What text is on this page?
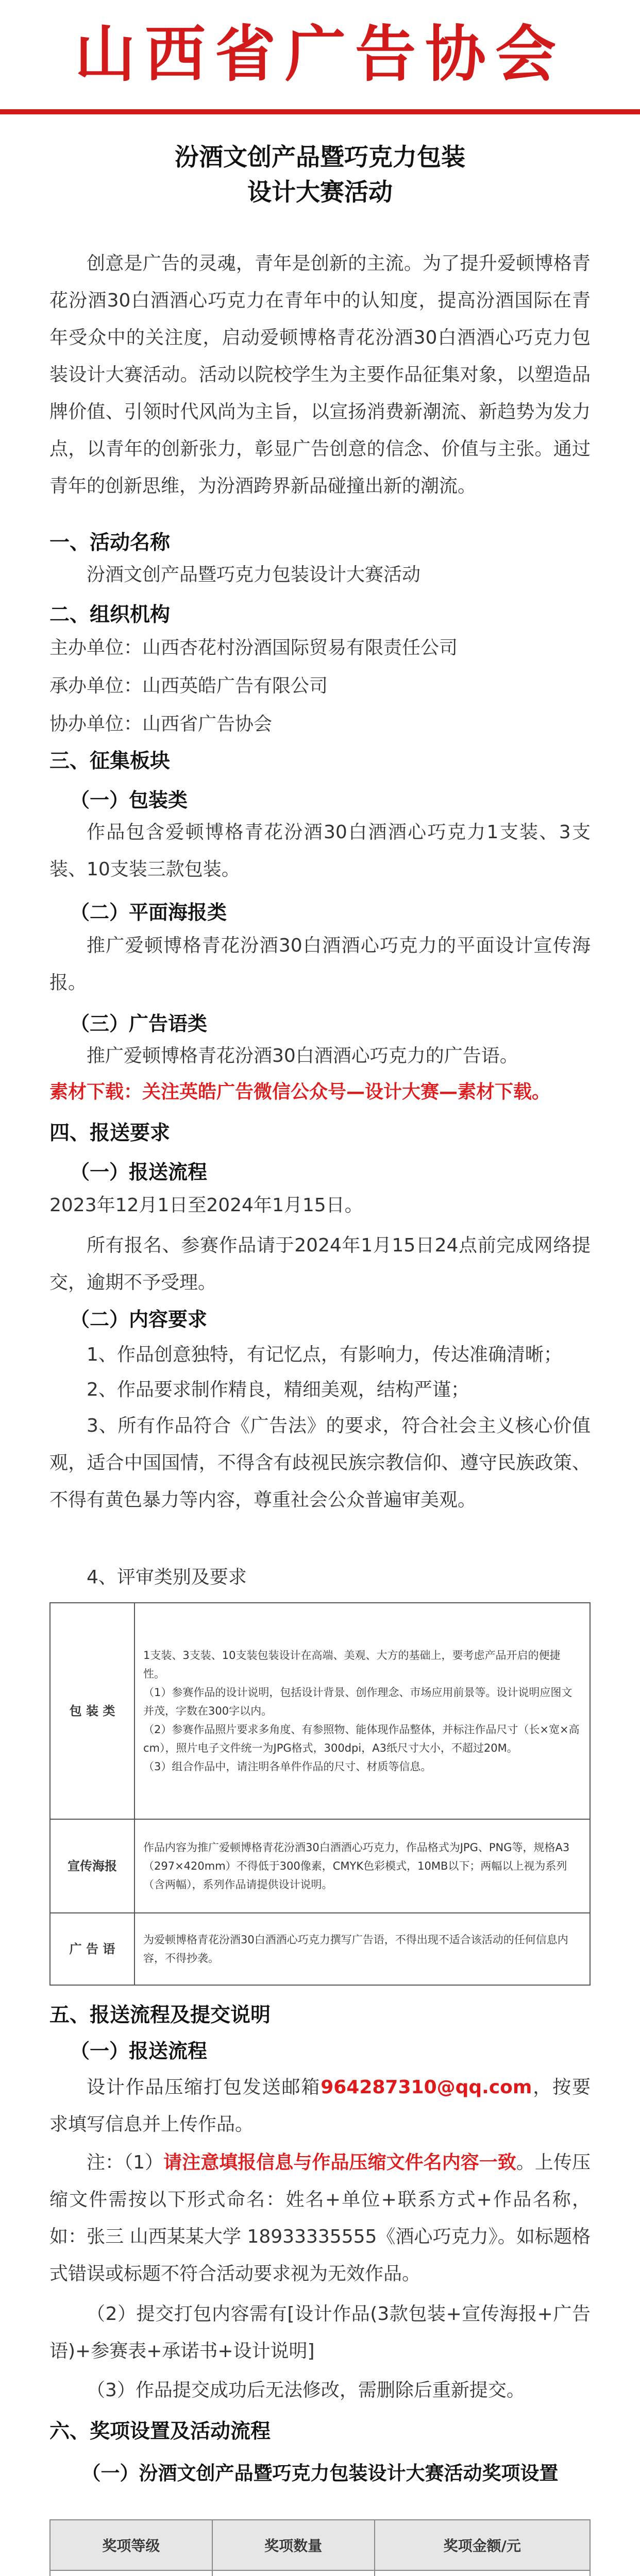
山西省广告协会
汾酒文创产品暨巧克力包装
设计大赛活动
创意是广告的灵魂，青年是创新的主流。为了提升爱顿博格青花汾酒30白酒酒心巧克力在青年中的认知度，提高汾酒国际在青年受众中的关注度，启动爱顿博格青花汾酒30白酒酒心巧克力包装设计大赛活动。活动以院校学生为主要作品征集对象，以塑造品牌价值、引领时代风尚为主旨，以宣扬消费新潮流、新趋势为发力点，以青年的创新张力，彰显广告创意的信念、价值与主张。通过青年的创新思维，为汾酒跨界新品碰撞出新的潮流。
一、活动名称
汾酒文创产品暨巧克力包装设计大赛活动
二、组织机构
主办单位：山西杏花村汾酒国际贸易有限责任公司
承办单位：山西英皓广告有限公司
协办单位：山西省广告协会
三、征集板块
（一）包装类
作品包含爱顿博格青花汾酒30白酒酒心巧克力1支装、3支装、10支装三款包装。
（二）平面海报类
推广爱顿博格青花汾酒30白酒酒心巧克力的平面设计宣传海报。
（三）广告语类
推广爱顿博格青花汾酒30白酒酒心巧克力的广告语。
素材下载：关注英皓广告微信公众号—设计大赛—素材下载。
四、报送要求
（一）报送流程
2023年12月1日至2024年1月15日。
所有报名、参赛作品请于2024年1月15日24点前完成网络提交，逾期不予受理。
（二）内容要求
1、作品创意独特，有记忆点，有影响力，传达准确清晰；
2、作品要求制作精良，精细美观，结构严谨；
3、所有作品符合《广告法》的要求，符合社会主义核心价值观，适合中国国情，不得含有歧视民族宗教信仰、遵守民族政策、不得有黄色暴力等内容，尊重社会公众普遍审美观。
4、评审类别及要求
包 装 类	1支装、3支装、10支装包装设计在高端、美观、大方的基础上，要考虑产品开启的便捷性。
（1）参赛作品的设计说明，包括设计背景、创作理念、市场应用前景等。设计说明应图文并茂，字数在300字以内。
（2）参赛作品照片要求多角度、有参照物、能体现作品整体，并标注作品尺寸（长×宽×高cm），照片电子文件统一为JPG格式，300dpi，A3纸尺寸大小，不超过20M。
（3）组合作品中，请注明各单件作品的尺寸、材质等信息。
宣传海报	作品内容为推广爱顿博格青花汾酒30白酒酒心巧克力，作品格式为JPG、PNG等，规格A3（297×420mm）不得低于300像素，CMYK色彩模式，10MB以下；两幅以上视为系列（含两幅），系列作品请提供设计说明。
广 告 语	为爱顿博格青花汾酒30白酒酒心巧克力撰写广告语，不得出现不适合该活动的任何信息内容，不得抄袭。
五、报送流程及提交说明
（一）报送流程
设计作品压缩打包发送邮箱964287310@qq.com，按要求填写信息并上传作品。
注：（1）请注意填报信息与作品压缩文件名内容一致。上传压缩文件需按以下形式命名：姓名+单位+联系方式+作品名称，如：张三 山西某某大学 18933335555《酒心巧克力》。如标题格式错误或标题不符合活动要求视为无效作品。
（2）提交打包内容需有[设计作品(3款包装+宣传海报+广告语)+参赛表+承诺书+设计说明]
（3）作品提交成功后无法修改，需删除后重新提交。
六、奖项设置及活动流程
（一）汾酒文创产品暨巧克力包装设计大赛活动奖项设置
奖项等级	奖项数量	奖项金额/元
